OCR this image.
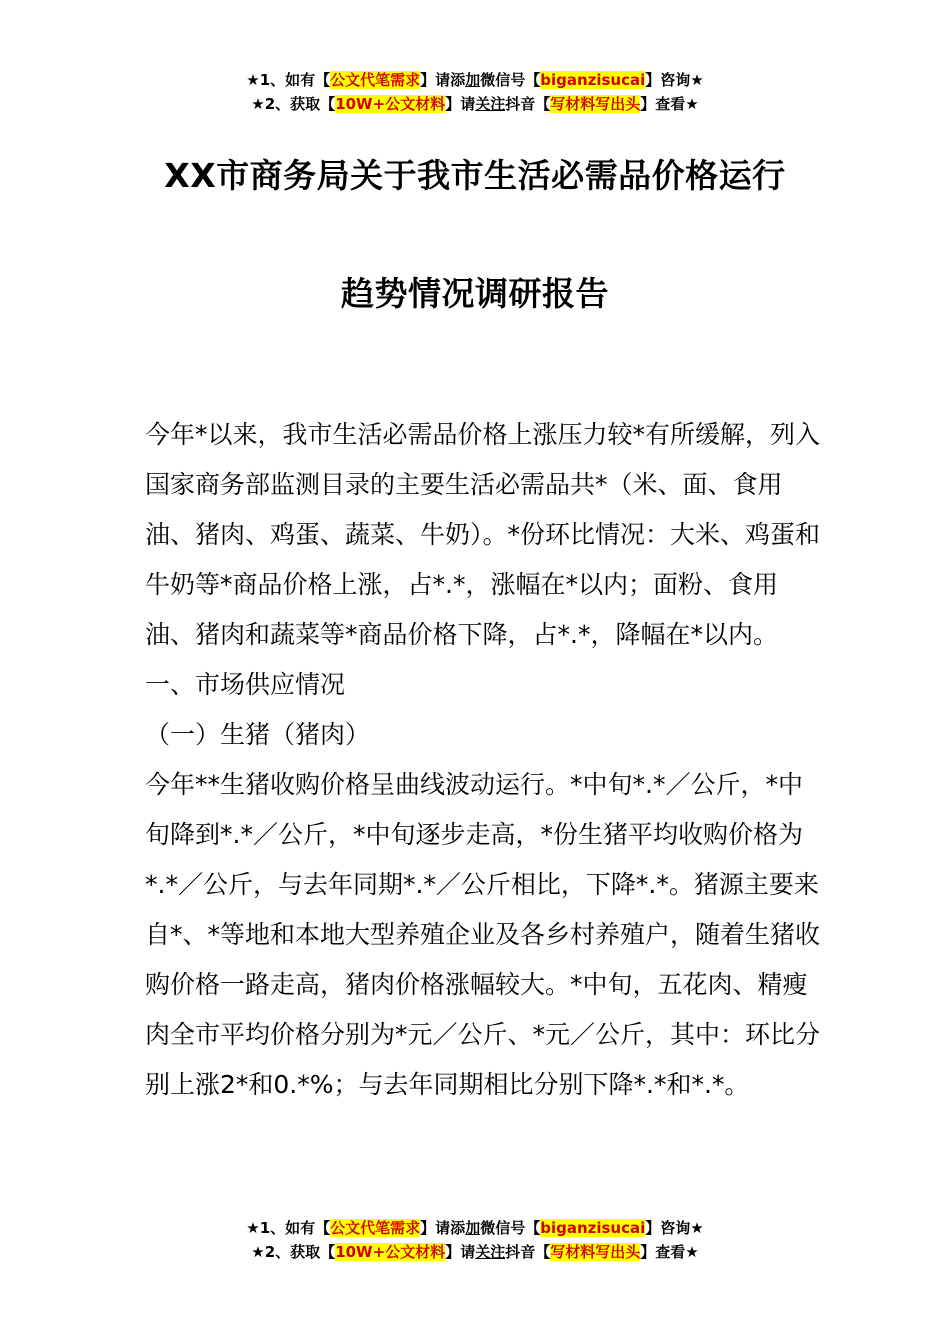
★1、如有【公文代笔需求】请添加微信号【biganzisucai】咨询★
★2、获取【10W+公文材料】请关注抖音【写材料写出头】查看★
XX市商务局关于我市生活必需品价格运行
趋势情况调研报告

今年*以来，我市生活必需品价格上涨压力较*有所缓解，列入国家商务部监测目录的主要生活必需品共*（米、面、食用油、猪肉、鸡蛋、蔬菜、牛奶）。*份环比情况：大米、鸡蛋和牛奶等*商品价格上涨，占*.*，涨幅在*以内；面粉、食用油、猪肉和蔬菜等*商品价格下降，占*.*，降幅在*以内。

一、市场供应情况

（一）生猪（猪肉）

今年**生猪收购价格呈曲线波动运行。*中旬*.*／公斤，*中旬降到*.*／公斤，*中旬逐步走高，*份生猪平均收购价格为*.*／公斤，与去年同期*.*／公斤相比，下降*.*。猪源主要来自*、*等地和本地大型养殖企业及各乡村养殖户，随着生猪收购价格一路走高，猪肉价格涨幅较大。*中旬，五花肉、精瘦肉全市平均价格分别为*元／公斤、*元／公斤，其中：环比分别上涨2*和0.*%；与去年同期相比分别下降*.*和*.*。

★1、如有【公文代笔需求】请添加微信号【biganzisucai】咨询★
★2、获取【10W+公文材料】请关注抖音【写材料写出头】查看★
